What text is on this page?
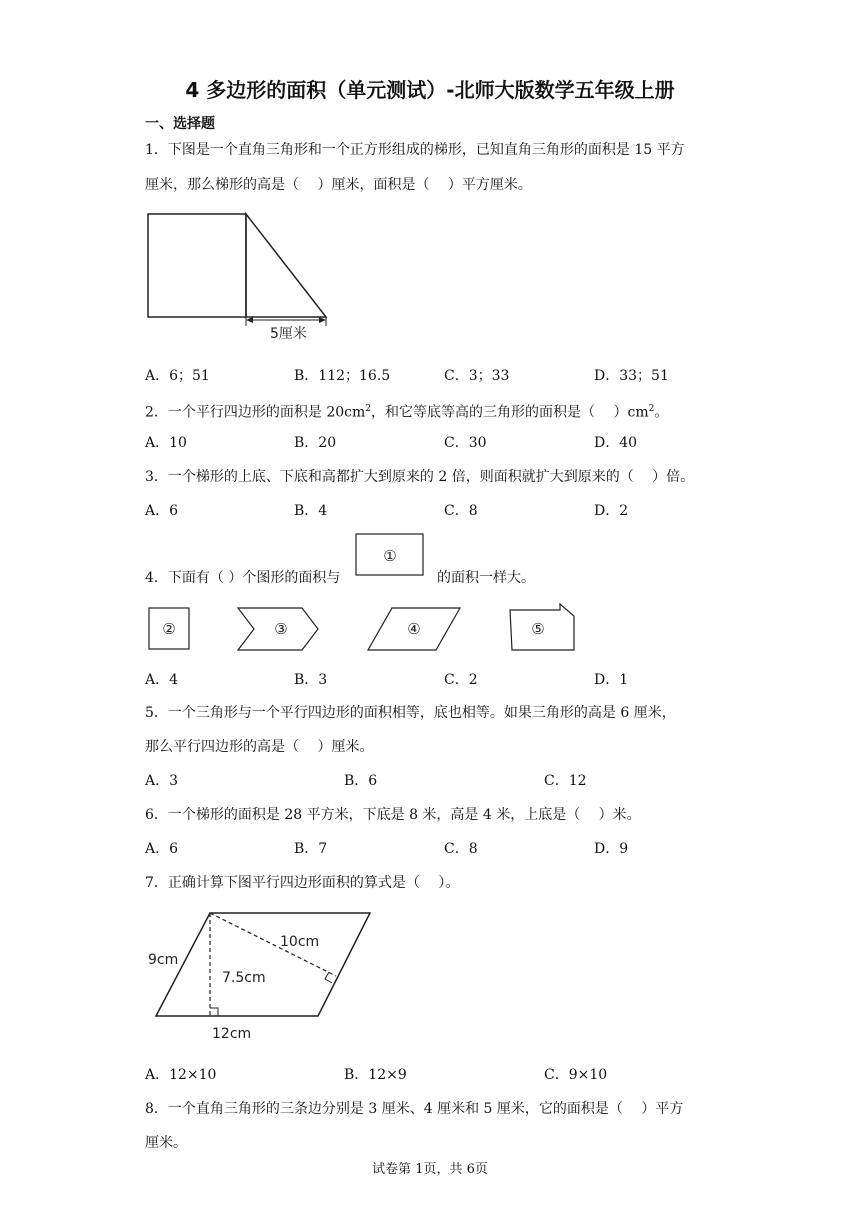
4 多边形的面积（单元测试）-北师大版数学五年级上册
一、选择题
1．下图是一个直角三角形和一个正方形组成的梯形，已知直角三角形的面积是 15 平方
厘米，那么梯形的高是（　 ）厘米，面积是（　 ）平方厘米。
5厘米
A．6；51	B．112；16.5	C．3；33	D．33；51
2．一个平行四边形的面积是 $20cm^2$，和它等底等高的三角形的面积是（　 ）$cm^2$。
A．10	B．20	C．30	D．40
3．一个梯形的上底、下底和高都扩大到原来的 2 倍，则面积就扩大到原来的（　 ）倍。
A．6	B．4	C．8	D．2
4．下面有（ ）个图形的面积与
①
的面积一样大。
②	③	④	⑤
A．4	B．3	C．2	D．1
5．一个三角形与一个平行四边形的面积相等，底也相等。如果三角形的高是 6 厘米，
那么平行四边形的高是（　 ）厘米。
A．3	B．6	C．12
6．一个梯形的面积是 28 平方米，下底是 8 米，高是 4 米，上底是（　 ）米。
A．6	B．7	C．8	D．9
7．正确计算下图平行四边形面积的算式是（　 ）。
9cm
10cm
7.5cm
12cm
A．12×10	B．12×9	C．9×10
8．一个直角三角形的三条边分别是 3 厘米、4 厘米和 5 厘米，它的面积是（　 ）平方
厘米。
试卷第 1页，共 6页
